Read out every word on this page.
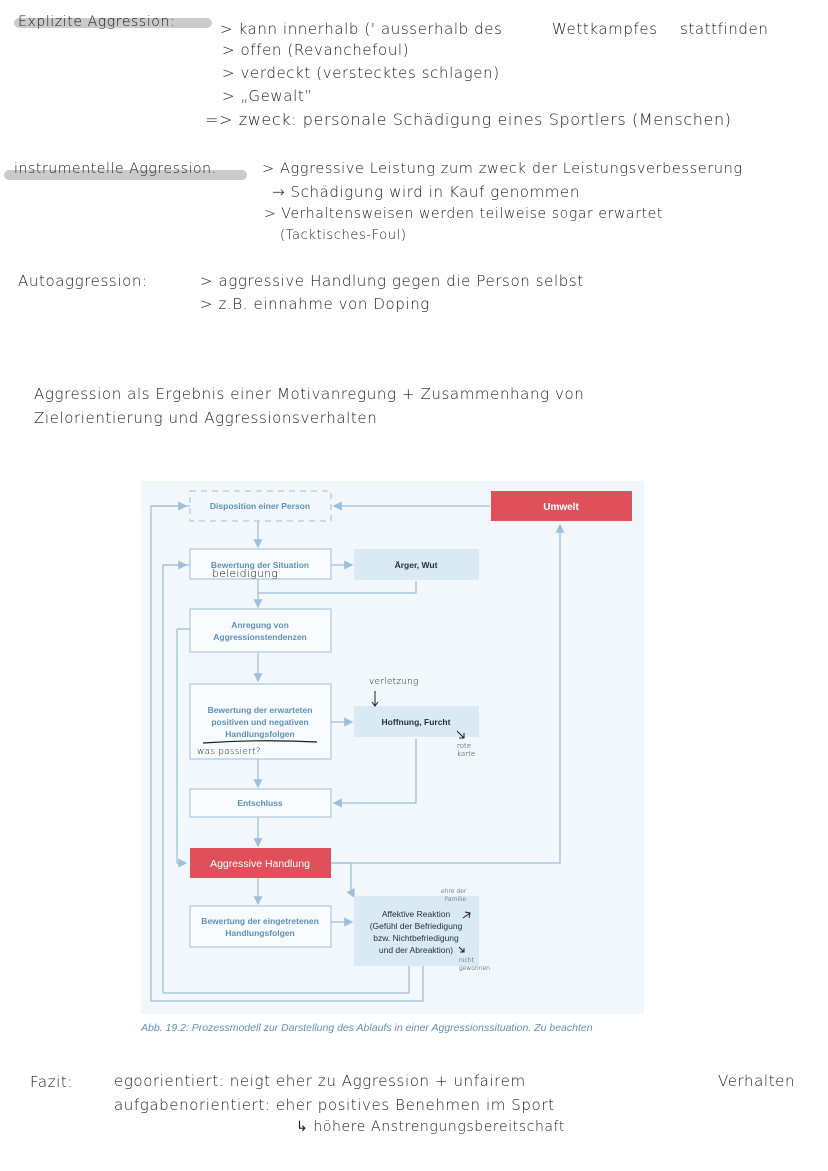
Explizite Aggression:	> kann innerhalb (' ausserhalb des	Wettkampfes stattfinden
> offen (Revanchefoul)
> verdeckt (verstecktes schlagen)
> „Gewalt”
=> zweck: personale Schädigung eines Sportlers (Menschen)
instrumentelle Aggression.	> Aggressive Leistung zum zweck der Leistungsverbesserung
→ Schädigung wird in Kauf genommen
> Verhaltensweisen werden teilweise sogar erwartet
(Tacktisches-Foul)
Autoaggression:	> aggressive Handlung gegen die Person selbst
> z.B. einnahme von Doping
Aggression als Ergebnis einer Motivanregung + Zusammenhang von
Zielorientierung und Aggressionsverhalten
Disposition einer Person	Umwelt
Bewertung der Situation	Ärger, Wut
Anregung von
Aggressionstendenzen
Bewertung der erwarteten
positiven und negativen
Handlungsfolgen
Hoffnung, Furcht
Entschluss
Aggressive Handlung
Bewertung der eingetretenen
Handlungsfolgen
Affektive Reaktion
(Gefühl der Befriedigung
bzw. Nichtbefriedigung
und der Abreaktion)
beleidigung
verletzung
was passiert?
rote
karte
ehre der
Familie
nicht
gewonnen
Abb. 19.2: Prozessmodell zur Darstellung des Ablaufs in einer Aggressionssituation. Zu beachten
Fazit:	egoorientiert: neigt eher zu Aggression + unfairem	Verhalten
aufgabenorientiert: eher positives Benehmen im Sport
↳ höhere Anstrengungsbereitschaft
